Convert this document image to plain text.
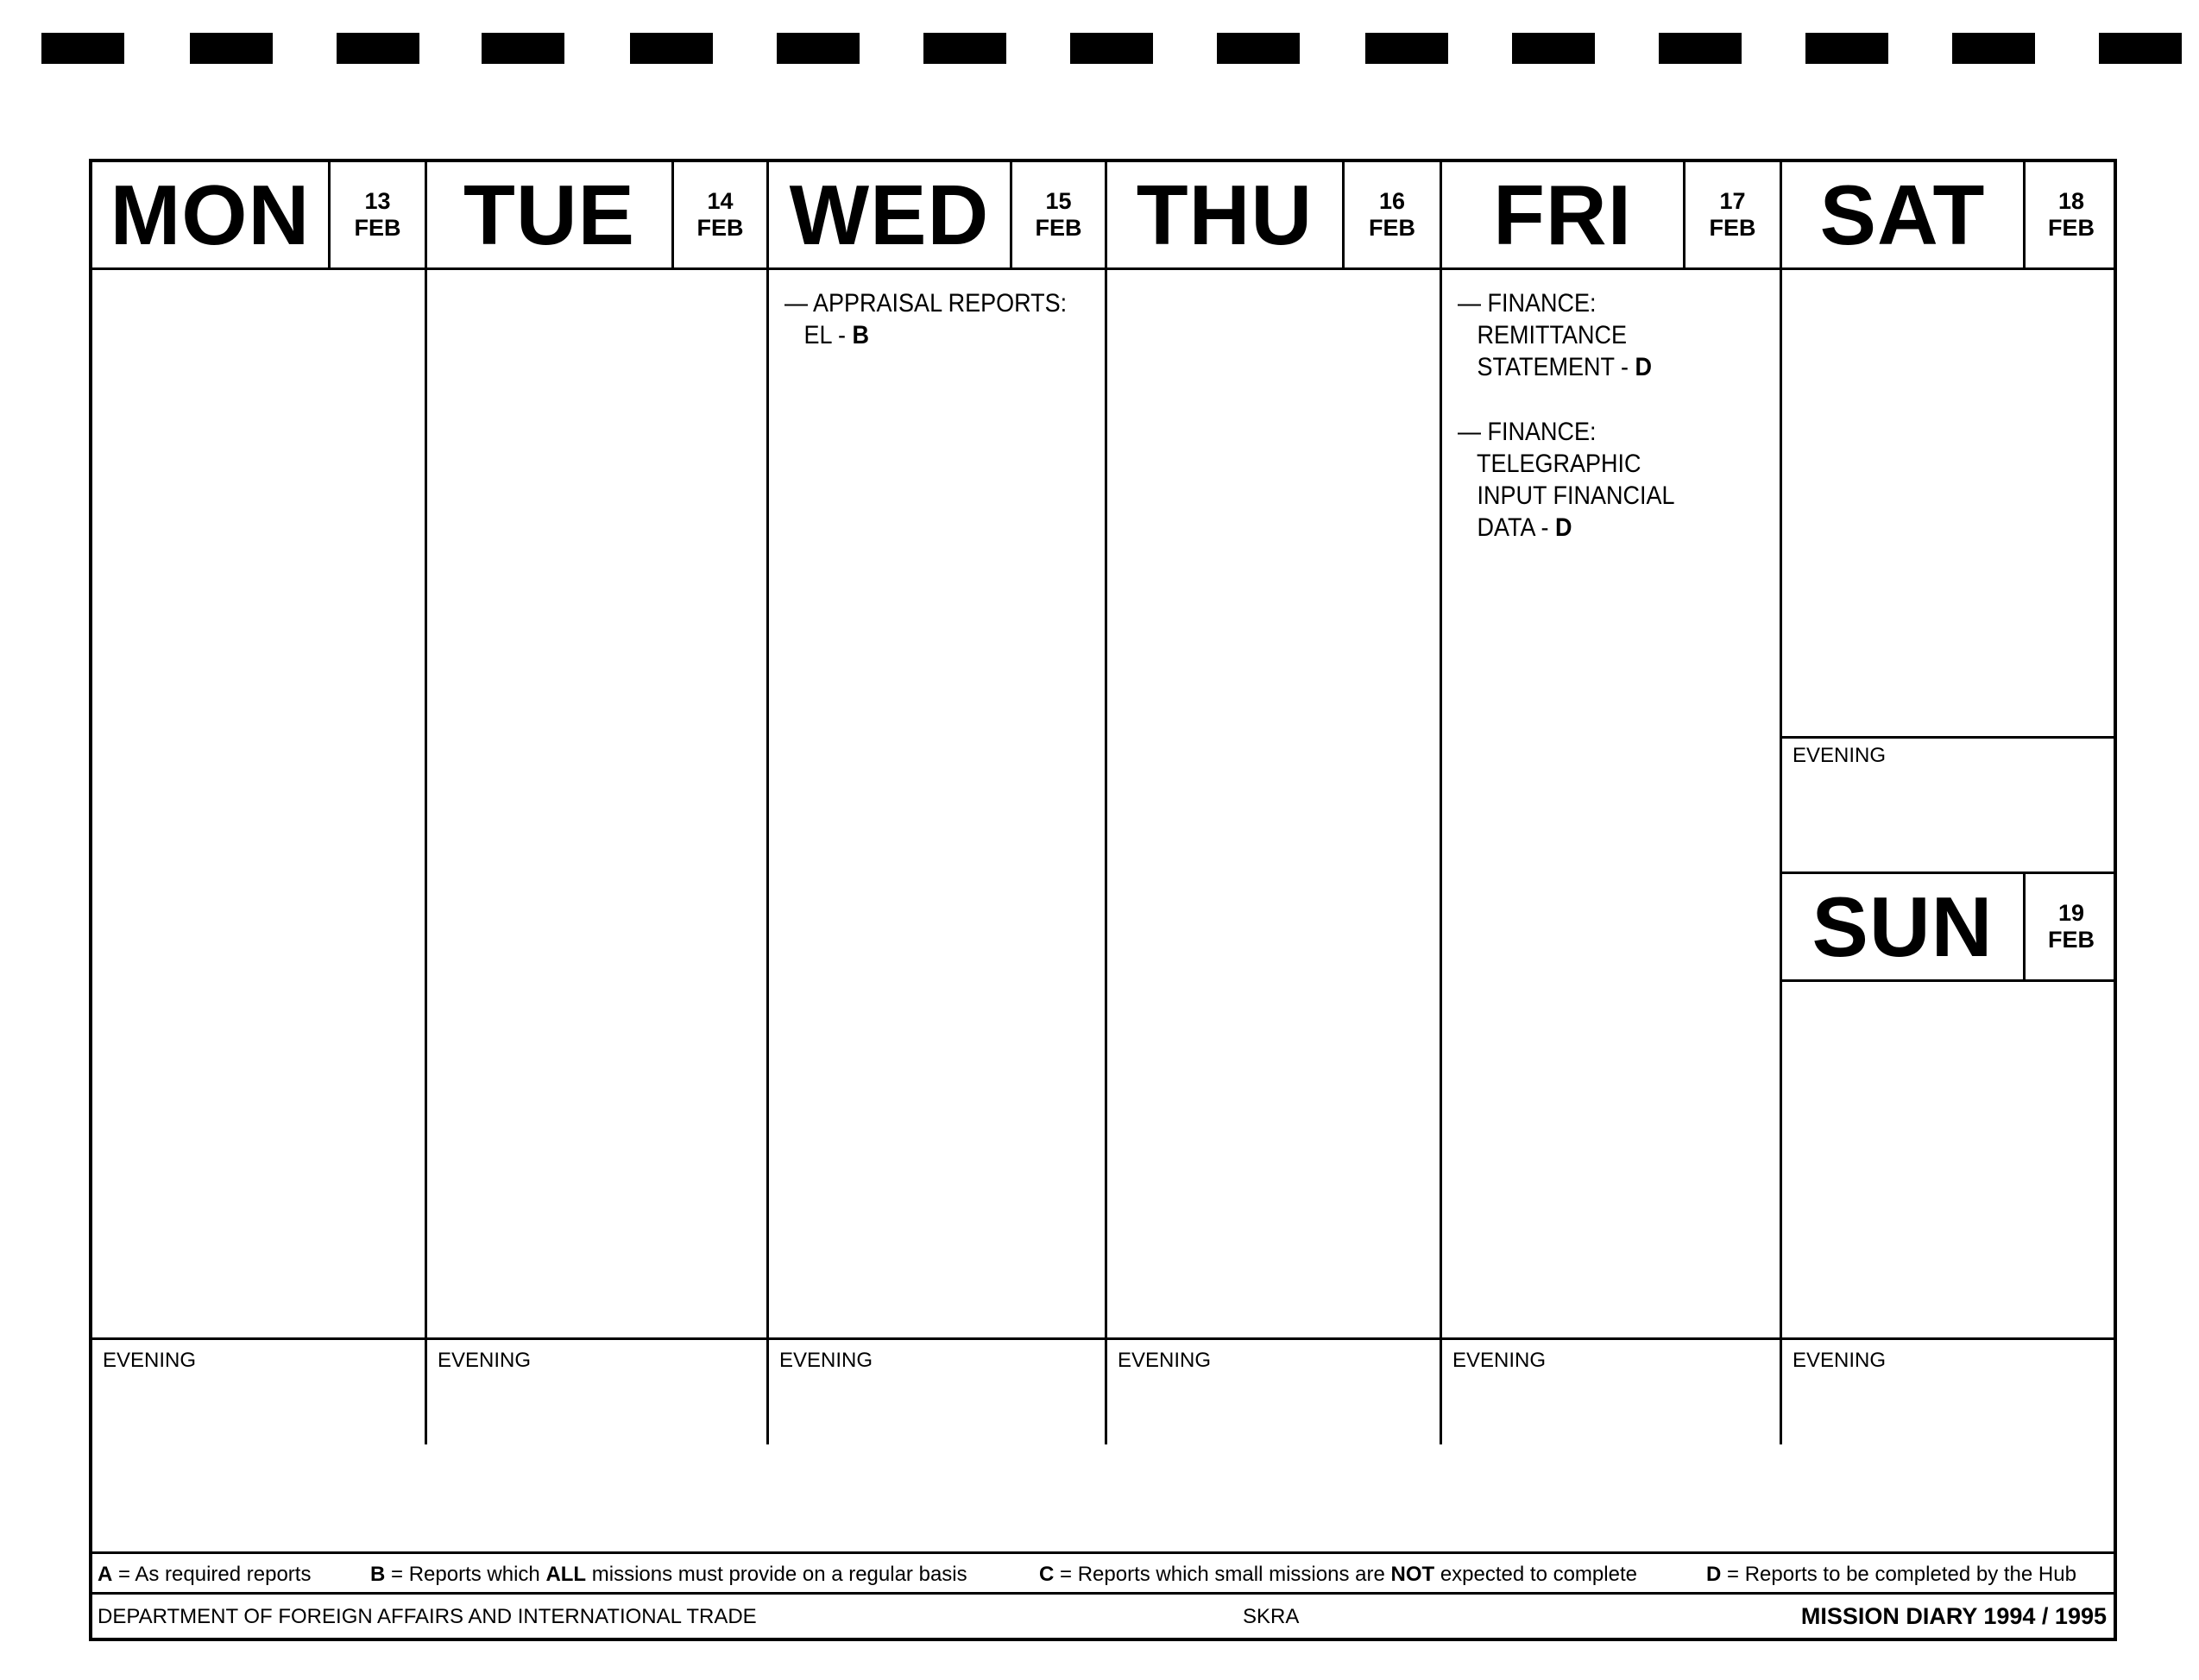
MON	13
FEB
EVENING
TUE	14
FEB
EVENING
WED	15
FEB
— APPRAISAL REPORTS:
EL - B
EVENING
THU	16
FEB
EVENING
FRI	17
FEB
— FINANCE:
REMITTANCE
STATEMENT - D
— FINANCE:
TELEGRAPHIC
INPUT FINANCIAL
DATA - D
EVENING
SAT	18
FEB
EVENING
SUN	19
FEB
EVENING
A = As required reports	B = Reports which ALL missions must provide on a regular basis	C = Reports which small missions are NOT expected to complete	D = Reports to be completed by the Hub
DEPARTMENT OF FOREIGN AFFAIRS AND INTERNATIONAL TRADE	SKRA	MISSION DIARY 1994 / 1995
